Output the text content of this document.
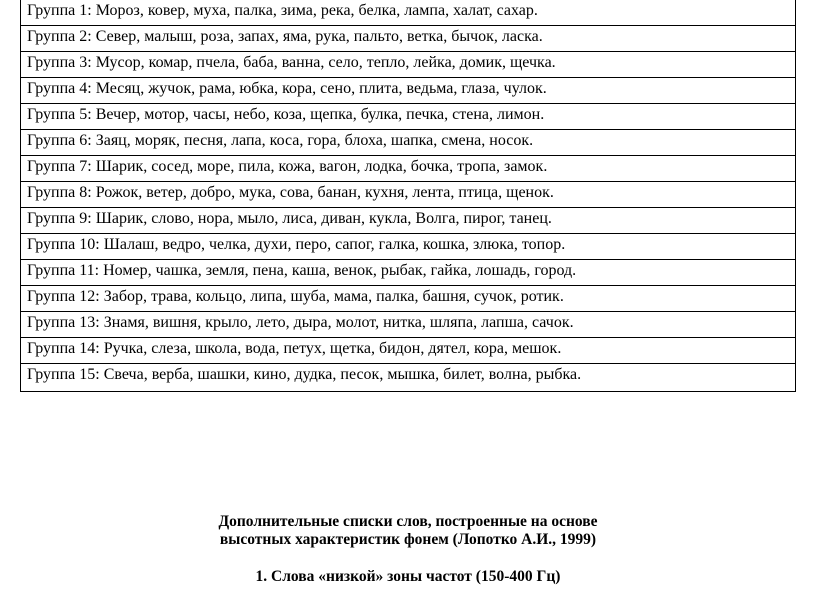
Группа 1: Мороз, ковер, муха, палка, зима, река, белка, лампа, халат, сахар.
Группа 2: Север, малыш, роза, запах, яма, рука, пальто, ветка, бычок, ласка.
Группа 3: Мусор, комар, пчела, баба, ванна, село, тепло, лейка, домик, щечка.
Группа 4: Месяц, жучок, рама, юбка, кора, сено, плита, ведьма, глаза, чулок.
Группа 5: Вечер, мотор, часы, небо, коза, щепка, булка, печка, стена, лимон.
Группа 6: Заяц, моряк, песня, лапа, коса, гора, блоха, шапка, смена, носок.
Группа 7: Шарик, сосед, море, пила, кожа, вагон, лодка, бочка, тропа, замок.
Группа 8: Рожок, ветер, добро, мука, сова, банан, кухня, лента, птица, щенок.
Группа 9: Шарик, слово, нора, мыло, лиса, диван, кукла, Волга, пирог, танец.
Группа 10: Шалаш, ведро, челка, духи, перо, сапог, галка, кошка, злюка, топор.
Группа 11: Номер, чашка, земля, пена, каша, венок, рыбак, гайка, лошадь, город.
Группа 12: Забор, трава, кольцо, липа, шуба, мама, палка, башня, сучок, ротик.
Группа 13: Знамя, вишня, крыло, лето, дыра, молот, нитка, шляпа, лапша, сачок.
Группа 14: Ручка, слеза, школа, вода, петух, щетка, бидон, дятел, кора, мешок.
Группа 15: Свеча, верба, шашки, кино, дудка, песок, мышка, билет, волна, рыбка.
Дополнительные списки слов, построенные на основе
высотных характеристик фонем (Лопотко А.И., 1999)
1. Слова «низкой» зоны частот (150-400 Гц)
